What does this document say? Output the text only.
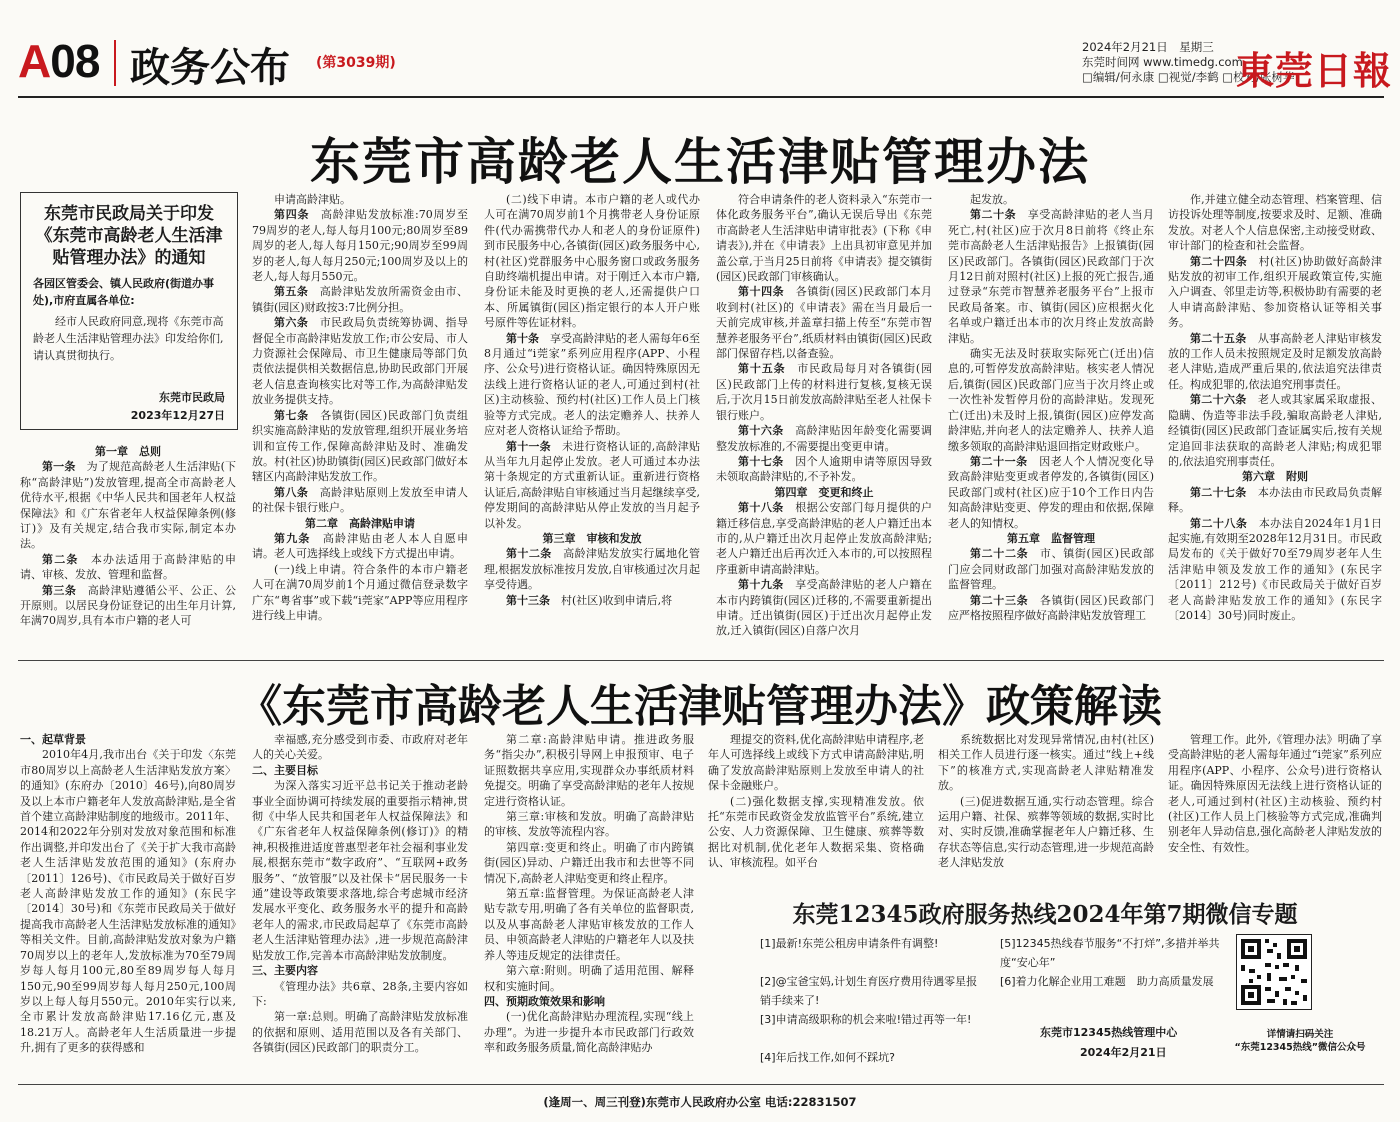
A08 政务公布 (第3039期)
2024年2月21日　星期三
东莞时间网 www.timedg.com
□编辑/何永康 □视觉/李鹤 □校对/张树华
東莞日報
东莞市高龄老人生活津贴管理办法
东莞市民政局关于印发《东莞市高龄老人生活津贴管理办法》的通知
各园区管委会、镇人民政府(街道办事处),市府直属各单位:
经市人民政府同意,现将《东莞市高龄老人生活津贴管理办法》印发给你们,请认真贯彻执行。
东莞市民政局
2023年12月27日

第一章　总则

第一条　 为了规范高龄老人生活津贴(下称“高龄津贴”)发放管理,提高全市高龄老人优待水平,根据《中华人民共和国老年人权益保障法》和《广东省老年人权益保障条例(修订)》及有关规定,结合我市实际,制定本办法。

第二条　 本办法适用于高龄津贴的申请、审核、发放、管理和监督。

第三条　 高龄津贴遵循公平、公正、公开原则。以居民身份证登记的出生年月计算,年满70周岁,具有本市户籍的老人可

申请高龄津贴。

第四条　 高龄津贴发放标准:70周岁至79周岁的老人,每人每月100元;80周岁至89周岁的老人,每人每月150元;90周岁至99周岁的老人,每人每月250元;100周岁及以上的老人,每人每月550元。

第五条　 高龄津贴发放所需资金由市、镇街(园区)财政按3:7比例分担。

第六条　 市民政局负责统筹协调、指导督促全市高龄津贴发放工作;市公安局、市人力资源社会保障局、市卫生健康局等部门负责依法提供相关数据信息,协助民政部门开展老人信息查询核实比对等工作,为高龄津贴发放业务提供支持。

第七条　 各镇街(园区)民政部门负责组织实施高龄津贴的发放管理,组织开展业务培训和宣传工作,保障高龄津贴及时、准确发放。村(社区)协助镇街(园区)民政部门做好本辖区内高龄津贴发放工作。

第八条　 高龄津贴原则上发放至申请人的社保卡银行账户。

第二章　高龄津贴申请

第九条　 高龄津贴由老人本人自愿申请。老人可选择线上或线下方式提出申请。

(一)线上申请。符合条件的本市户籍老人可在满70周岁前1个月通过微信登录数字广东“粤省事”或下载“i莞家”APP等应用程序进行线上申请。

(二)线下申请。本市户籍的老人或代办人可在满70周岁前1个月携带老人身份证原件(代办需携带代办人和老人的身份证原件)到市民服务中心,各镇街(园区)政务服务中心,村(社区)党群服务中心服务窗口或政务服务自助终端机提出申请。对于刚迁入本市户籍,身份证未能及时更换的老人,还需提供户口本、所属镇街(园区)指定银行的本人开户账号原件等佐证材料。

第十条　 享受高龄津贴的老人需每年6至8月通过“i莞家”系列应用程序(APP、小程序、公众号)进行资格认证。确因特殊原因无法线上进行资格认证的老人,可通过到村(社区)主动核验、预约村(社区)工作人员上门核验等方式完成。老人的法定赡养人、扶养人应对老人资格认证给予帮助。

第十一条　 未进行资格认证的,高龄津贴从当年九月起停止发放。老人可通过本办法第十条规定的方式重新认证。重新进行资格认证后,高龄津贴自审核通过当月起继续享受,停发期间的高龄津贴从停止发放的当月起予以补发。

第三章　审核和发放

第十二条　 高龄津贴发放实行属地化管理,根据发放标准按月发放,自审核通过次月起享受待遇。

第十三条　 村(社区)收到申请后,将

符合申请条件的老人资料录入“东莞市一体化政务服务平台”,确认无误后导出《东莞市高龄老人生活津贴申请审批表》(下称《申请表》),并在《申请表》上出具初审意见并加盖公章,于当月25日前将《申请表》提交镇街(园区)民政部门审核确认。

第十四条　 各镇街(园区)民政部门本月收到村(社区)的《申请表》需在当月最后一天前完成审核,并盖章扫描上传至“东莞市智慧养老服务平台”,纸质材料由镇街(园区)民政部门保留存档,以备查验。

第十五条　 市民政局每月对各镇街(园区)民政部门上传的材料进行复核,复核无误后,于次月15日前发放高龄津贴至老人社保卡银行账户。

第十六条　 高龄津贴因年龄变化需要调整发放标准的,不需要提出变更申请。

第十七条　 因个人逾期申请等原因导致未领取高龄津贴的,不予补发。

第四章　变更和终止

第十八条　 根据公安部门每月提供的户籍迁移信息,享受高龄津贴的老人户籍迁出本市的,从户籍迁出次月起停止发放高龄津贴;老人户籍迁出后再次迁入本市的,可以按照程序重新申请高龄津贴。

第十九条　 享受高龄津贴的老人户籍在本市内跨镇街(园区)迁移的,不需要重新提出申请。迁出镇街(园区)于迁出次月起停止发放,迁入镇街(园区)自落户次月

起发放。

第二十条　 享受高龄津贴的老人当月死亡,村(社区)应于次月8日前将《终止东莞市高龄老人生活津贴报告》上报镇街(园区)民政部门。各镇街(园区)民政部门于次月12日前对照村(社区)上报的死亡报告,通过登录“东莞市智慧养老服务平台”上报市民政局备案。市、镇街(园区)应根据火化名单或户籍迁出本市的次月终止发放高龄津贴。

确实无法及时获取实际死亡(迁出)信息的,可暂停发放高龄津贴。核实老人情况后,镇街(园区)民政部门应当于次月终止或一次性补发暂停月份的高龄津贴。发现死亡(迁出)未及时上报,镇街(园区)应停发高龄津贴,并向老人的法定赡养人、扶养人追缴多领取的高龄津贴退回指定财政账户。

第二十一条　 因老人个人情况变化导致高龄津贴变更或者停发的,各镇街(园区)民政部门或村(社区)应于10个工作日内告知高龄津贴变更、停发的理由和依据,保障老人的知情权。

第五章　监督管理

第二十二条　 市、镇街(园区)民政部门应会同财政部门加强对高龄津贴发放的监督管理。

第二十三条　 各镇街(园区)民政部门应严格按照程序做好高龄津贴发放管理工

作,并建立健全动态管理、档案管理、信访投诉处理等制度,按要求及时、足额、准确发放。对老人个人信息保密,主动接受财政、审计部门的检查和社会监督。

第二十四条　 村(社区)协助做好高龄津贴发放的初审工作,组织开展政策宣传,实施入户调查、邻里走访等,积极协助有需要的老人申请高龄津贴、参加资格认证等相关事务。

第二十五条　 从事高龄老人津贴审核发放的工作人员未按照规定及时足额发放高龄老人津贴,造成严重后果的,依法追究法律责任。构成犯罪的,依法追究刑事责任。

第二十六条　 老人或其家属采取虚报、隐瞒、伪造等非法手段,骗取高龄老人津贴,经镇街(园区)民政部门查证属实后,按有关规定追回非法获取的高龄老人津贴;构成犯罪的,依法追究刑事责任。

第六章　附则

第二十七条　 本办法由市民政局负责解释。

第二十八条　 本办法自2024年1月1日起实施,有效期至2028年12月31日。市民政局发布的《关于做好70至79周岁老年人生活津贴申领及发放工作的通知》(东民字〔2011〕212号)《市民政局关于做好百岁老人高龄津贴发放工作的通知》(东民字〔2014〕30号)同时废止。

《东莞市高龄老人生活津贴管理办法》政策解读

一、起草背景

2010年4月,我市出台《关于印发〈东莞市80周岁以上高龄老人生活津贴发放方案〉的通知》(东府办〔2010〕46号),向80周岁及以上本市户籍老年人发放高龄津贴,是全省首个建立高龄津贴制度的地级市。2011年、2014和2022年分别对发放对象范围和标准作出调整,并印发出台了《关于扩大我市高龄老人生活津贴发放范围的通知》(东府办〔2011〕126号)、《市民政局关于做好百岁老人高龄津贴发放工作的通知》(东民字〔2014〕30号)和《东莞市民政局关于做好提高我市高龄老人生活津贴发放标准的通知》等相关文件。目前,高龄津贴发放对象为户籍70周岁以上的老年人,发放标准为70至79周岁每人每月100元,80至89周岁每人每月150元,90至99周岁每人每月250元,100周岁以上每人每月550元。2010年实行以来,全市累计发放高龄津贴17.16亿元,惠及18.21万人。高龄老年人生活质量进一步提升,拥有了更多的获得感和

幸福感,充分感受到市委、市政府对老年人的关心关爱。

二、主要目标

为深入落实习近平总书记关于推动老龄事业全面协调可持续发展的重要指示精神,贯彻《中华人民共和国老年人权益保障法》和《广东省老年人权益保障条例(修订)》的精神,积极推进适度普惠型老年社会福利事业发展,根据东莞市“数字政府”、“互联网+政务服务”、“放管服”以及社保卡“居民服务一卡通”建设等政策要求落地,综合考虑城市经济发展水平变化、政务服务水平的提升和高龄老年人的需求,市民政局起草了《东莞市高龄老人生活津贴管理办法》,进一步规范高龄津贴发放工作,完善本市高龄津贴发放制度。

三、主要内容

《管理办法》共6章、28条,主要内容如下:

第一章:总则。明确了高龄津贴发放标准的依据和原则、适用范围以及各有关部门、各镇街(园区)民政部门的职责分工。

第二章:高龄津贴申请。推进政务服务“指尖办”,积极引导网上申报预审、电子证照数据共享应用,实现群众办事纸质材料免提交。明确了享受高龄津贴的老年人按规定进行资格认证。

第三章:审核和发放。明确了高龄津贴的审核、发放等流程内容。

第四章:变更和终止。明确了市内跨镇街(园区)异动、户籍迁出我市和去世等不同情况下,高龄老人津贴变更和终止程序。

第五章:监督管理。为保证高龄老人津贴专款专用,明确了各有关单位的监督职责,以及从事高龄老人津贴审核发放的工作人员、申领高龄老人津贴的户籍老年人以及扶养人等违反规定的法律责任。

第六章:附则。明确了适用范围、解释权和实施时间。

四、预期政策效果和影响

(一)优化高龄津贴办理流程,实现“线上办理”。为进一步提升本市民政部门行政效率和政务服务质量,简化高龄津贴办

理提交的资料,优化高龄津贴申请程序,老年人可选择线上或线下方式申请高龄津贴,明确了发放高龄津贴原则上发放至申请人的社保卡金融账户。

(二)强化数据支撑,实现精准发放。依托“东莞市民政资金发放监管平台”系统,建立公安、人力资源保障、卫生健康、殡葬等数据比对机制,优化老年人数据采集、资格确认、审核流程。如平台

系统数据比对发现异常情况,由村(社区)相关工作人员进行逐一核实。通过“线上+线下”的核准方式,实现高龄老人津贴精准发放。

(三)促进数据互通,实行动态管理。综合运用户籍、社保、殡葬等领域的数据,实时比对、实时反馈,准确掌握老年人户籍迁移、生存状态等信息,实行动态管理,进一步规范高龄老人津贴发放

管理工作。此外,《管理办法》明确了享受高龄津贴的老人需每年通过“i莞家”系列应用程序(APP、小程序、公众号)进行资格认证。确因特殊原因无法线上进行资格认证的老人,可通过到村(社区)主动核验、预约村(社区)工作人员上门核验等方式完成,准确判别老年人异动信息,强化高龄老人津贴发放的安全性、有效性。

东莞12345政府服务热线2024年第7期微信专题
[1]最新!东莞公租房申请条件有调整!
[2]@宝爸宝妈,计划生育医疗费用待遇零星报销手续来了!
[3]申请高级职称的机会来啦!错过再等一年!
[4]年后找工作,如何不踩坑?
[5]12345热线春节服务“不打烊”,多措并举共度“安心年”
[6]着力化解企业用工难题　助力高质量发展
详情请扫码关注
“东莞12345热线”微信公众号
东莞市12345热线管理中心
2024年2月21日
(逢周一、周三刊登)东莞市人民政府办公室 电话:22831507
